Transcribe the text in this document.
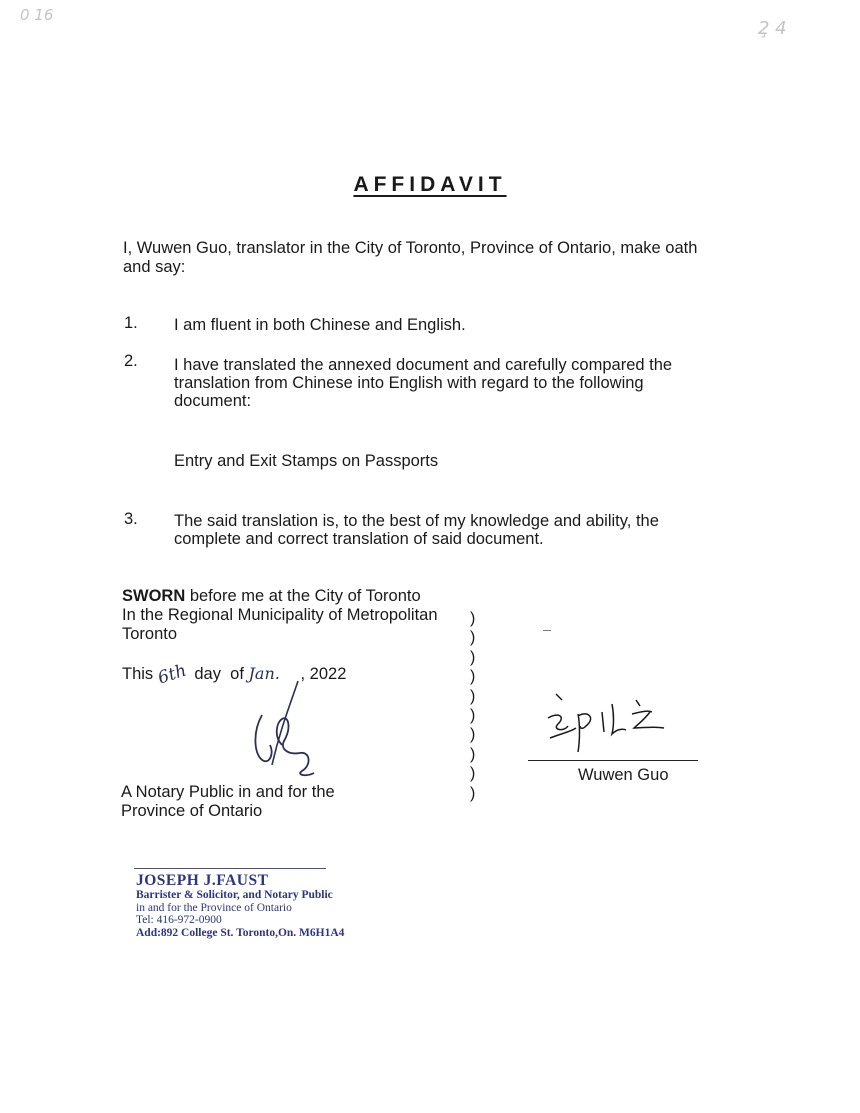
0 16
2̧ 4
AFFIDAVIT
I, Wuwen Guo, translator in the City of Toronto, Province of Ontario, make oath
and say:
1. I am fluent in both Chinese and English.
2. I have translated the annexed document and carefully compared the
translation from Chinese into English with regard to the following
document:
Entry and Exit Stamps on Passports
3. The said translation is, to the best of my knowledge and ability, the
complete and correct translation of said document.
SWORN before me at the City of Toronto
In the Regional Municipality of Metropolitan
Toronto
This 6th day of Jan. , 2022
A Notary Public in and for the
Province of Ontario
)
)
)
)
)
)
)
)
)
)
Wuwen Guo
JOSEPH J.FAUST
Barrister & Solicitor, and Notary Public
in and for the Province of Ontario
Tel: 416-972-0900
Add:892 College St. Toronto,On. M6H1A4
